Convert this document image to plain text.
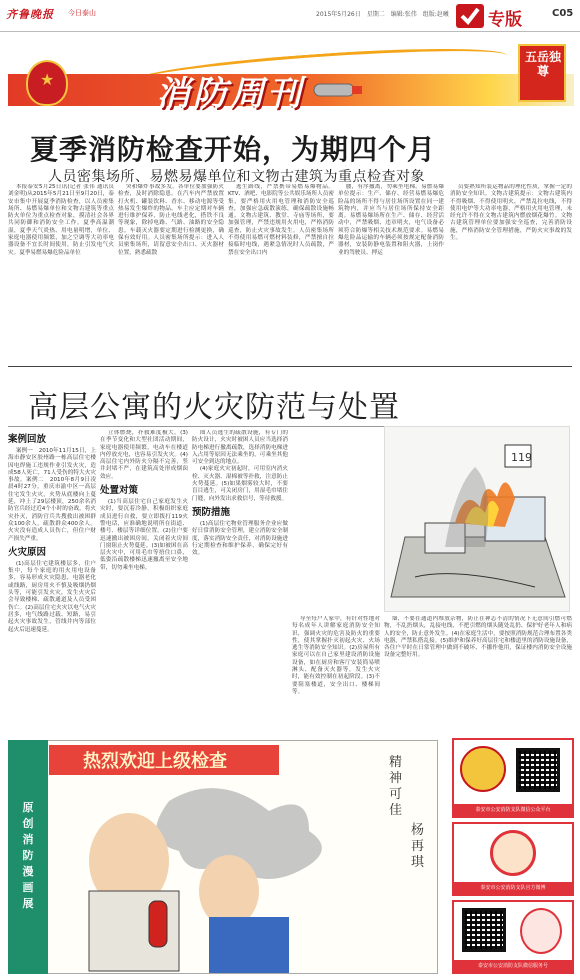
齐鲁晚报 今日泰山	2015年5月26日　星期二　编辑:张伟　组版:赵曦 专版	C05
★	消防周刊
五岳独尊
夏季消防检查开始，为期四个月
人员密集场所、易燃易爆单位和文物古建筑为重点检查对象

本报泰安5月25日讯(记者 张伟 通讯员 刘金明)从2015年5月21日至9月20日，泰安市集中开展夏季消防检查，以人员密集场所、易燃易爆单位和文物古建筑等重点防火单位为重点检查对象，摸清社会各界共同防御和消防安全工作。夏季高温潮湿，夏季天气炎热、用电量明增，单位、家庭电器使用频繁，加之空调等大功率电器设备不宜长时间使用，防止引发电气火灾。夏季易燃易爆危险品单位

突和爆炸事故多发。各单位要加强防火检查，及时消除隐患。在汽车内严禁放置打火机、罐装饮料、香水、移动电源等受热易发生爆炸的物品，车主应定期对车辆进行维护保养，防止电线老化，搭铁不良等现象，除掉电路、气路、油路的安全隐患。车载灭火器要定期进行检测更换，确保有效好用。人员密集场所提示：进入人员密集场所，请留意安全出口、灭火器材位置，熟悉疏散

逃生路线，严禁携带易燃易爆物品。KTV、酒吧、电影院等公共娱乐场所人员密集，要严格用火用电管理和消防安全巡查，加强应急疏散演练，确保疏散设施畅通。文物古建筑、教堂、寺庙等场所，要加强管理，严禁违规用火用电，严格消防巡查，防止火灾事故发生。人员密集场所不得使用易燃可燃材料装修，严禁擅自拉接临时电线，遇紧急情况时人员疏散，严禁在安全出口内

腰，有序撤离，勿乘坐电梯。易燃易爆单位提示：生产、储存、经营易燃易爆危险品的场所不得与居住场所设置在同一建筑物内，并应当与居住场所保持安全距离。易燃易爆场所在生产、储存、经营活动中，严禁吸烟、违章明火，电气设备必须符合防爆等相关技术规范要求。易燃易爆危险品运输的车辆必须按规定配备消防器材，安装防静电装置和阻火器，上岗作业的驾驶员、押运

员要熟知所装运物品的理化性质，掌握一定的消防安全知识。文物古建筑提示：文物古建筑内不得吸烟、不得使用明火，严禁乱拉电线，不得使用电炉等大功率电器，严格用火用电管理，未经允许不得在文物古建筑内燃放烟花爆竹。文物古建筑管理单位要加强安全巡查，完善消防设施，严格消防安全管理措施，严防火灾事故的发生。

高层公寓的火灾防范与处置
案例回放

案例一　2010年11月15日，上海市静安区胶州路一栋高层住宅楼因电焊施工违规作业引发火灾，造成58人死亡，71人受伤的特大火灾事故。案例二　2010年8月9日凌晨4时27分，重庆市渝中区一高层住宅发生火灾，火势从底楼向上蔓延，冲上了29层楼顶，250余名消防官兵经过近4个小时的奋战，将火灾扑灭，消防官兵共搜救出被困群众100余人，疏散群众400余人。火灾没有造成人员伤亡，但住户财产损失严重。

火灾原因

(1)高层住宅建筑楼层多，住户集中，每个家庭的用火用电设备多，容易形成火灾隐患，电器老化或线路，厨房用火不慎及吸烟扔烟头等，可能引发火灾，发生火灾后会导致楼梯、疏散通道及人员受困伤亡。(2)高层住宅火灾以电气火灾居多，电气线路过载、短路，易引起火灾事故发生，管线井内等部位起火后迅速蔓延。

立体燃烧，扑救难度极大。(3)在季节变化和大型社团活动期间，家庭电器使用频繁，电动车在楼道内停放充电，也容易引发火灾。(4)高层住宅内外防火分隔不完善，竖井封堵不严，在建筑高处形成烟囱效应。

处置对策

(1)当高层住宅自己家庭发生火灾时，要沉着冷静，积极组织家庭成员进行自救，要立即拨打119火警电话，应准确地说明所在街道、楼号、楼层等详细位置。(2)住户要迅速撤出被困房间，关闭着火房间门窗阻止火势蔓延。(3)如被困在高层火灾中，可用毛巾等捂住口鼻，低姿沿疏散楼梯迅速撤离至安全地带，切勿乘坐电梯。

图人员逃生的疏散设施，有专门的防火设计，火灾时被困人员应当选择消防电梯进行撤离疏散，选择消防电梯进入占用等原因无法乘坐的，可乘坐其他可安全到达的地点。

(4)家庭火灾初起时，可用室内消火栓、灭火器、湿棉被等扑救，注意防止火势蔓延。(5)如果烟雾较大时，不要盲目逃生，可关闭房门，用湿毛巾堵住门缝，向外发出求救信号，等待救援。

预防措施

(1)高层住宅物业管理服务企业应做好日常消防安全管理，建立消防安全制度，落实消防安全责任，对消防设施进行定期检查和维护保养，确保完好有效。

导至每户人家中，有针对性地对每名成年人讲解家庭消防安全知识，强调火灾的危害及防火的重要性，使其掌握扑灭初起火灾、火场逃生等消防安全知识。(2)房屋所有家庭可以在自己家里建设消防设施设备，如在厨房和客厅安装简易喷淋头、配备灭火器等，发生火灾时，能有效控制在初起阶段。(3)不要阻塞楼道，安全出口、楼梯间等。

墙，不要在通道内堆放杂物，防止在神志不清的情况下无意间引燃可燃物，不乱扔烟头，乱接电线，不把引燃的烟头随处乱扔、保护好老年人和病人的安全，防止意外发生。(4)在家庭生活中，要按照消防规范合理布置各类电器，严禁私搭乱接。(5)维护和保养好高层住宅和楼道里的消防设施设备，各住户平时在日常管理中做到不破坏、不挪作他用，保证楼内消防安全设施设备完整好用。

119
热烈欢迎上级检查	精神可佳
杨再琪
原创消防漫画展
泰安市公安消防支队微信公众平台
泰安市公安消防支队官方微博
泰安市公安消防支队微信服务号
